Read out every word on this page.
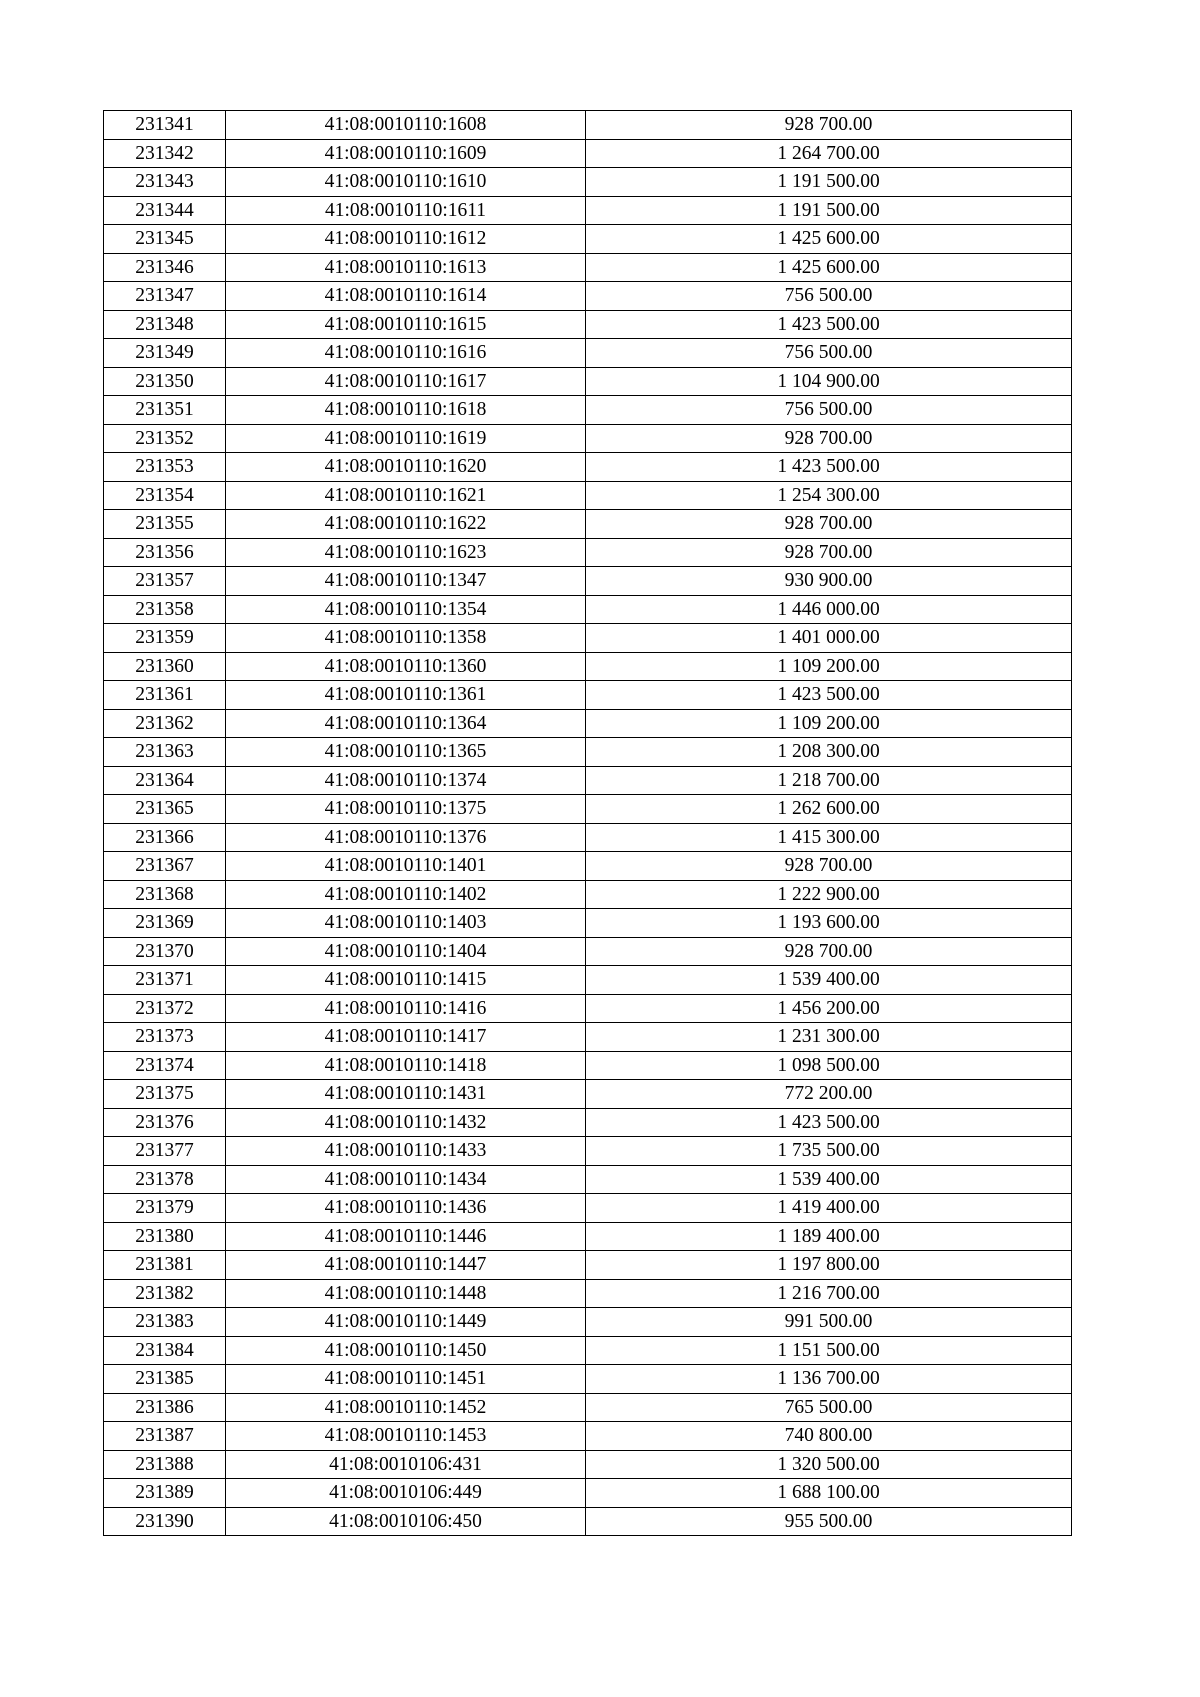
231341	41:08:0010110:1608	928 700.00
231342	41:08:0010110:1609	1 264 700.00
231343	41:08:0010110:1610	1 191 500.00
231344	41:08:0010110:1611	1 191 500.00
231345	41:08:0010110:1612	1 425 600.00
231346	41:08:0010110:1613	1 425 600.00
231347	41:08:0010110:1614	756 500.00
231348	41:08:0010110:1615	1 423 500.00
231349	41:08:0010110:1616	756 500.00
231350	41:08:0010110:1617	1 104 900.00
231351	41:08:0010110:1618	756 500.00
231352	41:08:0010110:1619	928 700.00
231353	41:08:0010110:1620	1 423 500.00
231354	41:08:0010110:1621	1 254 300.00
231355	41:08:0010110:1622	928 700.00
231356	41:08:0010110:1623	928 700.00
231357	41:08:0010110:1347	930 900.00
231358	41:08:0010110:1354	1 446 000.00
231359	41:08:0010110:1358	1 401 000.00
231360	41:08:0010110:1360	1 109 200.00
231361	41:08:0010110:1361	1 423 500.00
231362	41:08:0010110:1364	1 109 200.00
231363	41:08:0010110:1365	1 208 300.00
231364	41:08:0010110:1374	1 218 700.00
231365	41:08:0010110:1375	1 262 600.00
231366	41:08:0010110:1376	1 415 300.00
231367	41:08:0010110:1401	928 700.00
231368	41:08:0010110:1402	1 222 900.00
231369	41:08:0010110:1403	1 193 600.00
231370	41:08:0010110:1404	928 700.00
231371	41:08:0010110:1415	1 539 400.00
231372	41:08:0010110:1416	1 456 200.00
231373	41:08:0010110:1417	1 231 300.00
231374	41:08:0010110:1418	1 098 500.00
231375	41:08:0010110:1431	772 200.00
231376	41:08:0010110:1432	1 423 500.00
231377	41:08:0010110:1433	1 735 500.00
231378	41:08:0010110:1434	1 539 400.00
231379	41:08:0010110:1436	1 419 400.00
231380	41:08:0010110:1446	1 189 400.00
231381	41:08:0010110:1447	1 197 800.00
231382	41:08:0010110:1448	1 216 700.00
231383	41:08:0010110:1449	991 500.00
231384	41:08:0010110:1450	1 151 500.00
231385	41:08:0010110:1451	1 136 700.00
231386	41:08:0010110:1452	765 500.00
231387	41:08:0010110:1453	740 800.00
231388	41:08:0010106:431	1 320 500.00
231389	41:08:0010106:449	1 688 100.00
231390	41:08:0010106:450	955 500.00
